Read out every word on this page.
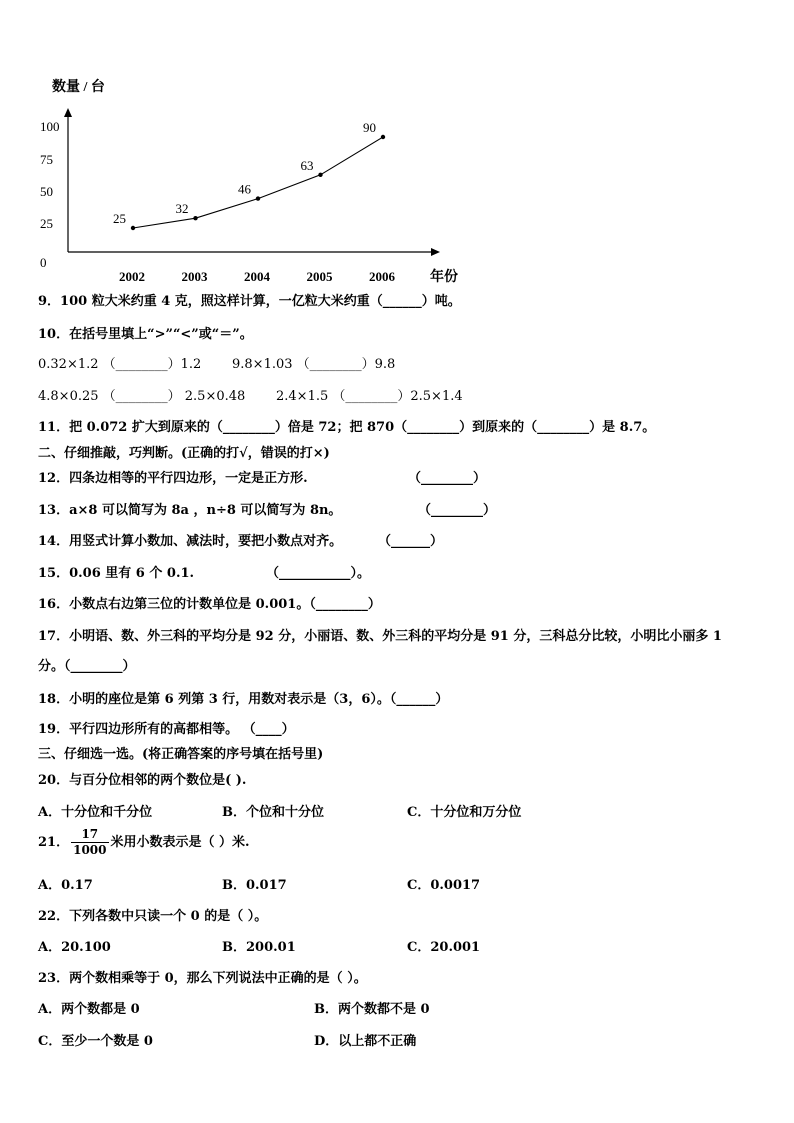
数量 / 台
年份
0
25
50
75
100
2002	2003	2004	2005	2006
25
32
46
63
90
9．100 粒大米约重 4 克，照这样计算，一亿粒大米约重（______）吨。
10．在括号里填上“>”“<”或“＝”。
0.32×1.2 （________）1.2 9.8×1.03 （________）9.8
4.8×0.25 （________） 2.5×0.48 2.4×1.5 （________）2.5×1.4
11．把 0.072 扩大到原来的（________）倍是 72；把 870（________）到原来的（________）是 8.7。
二、仔细推敲，巧判断。(正确的打√，错误的打×)
12．四条边相等的平行四边形，一定是正方形.	（________）
13．a×8 可以简写为 8a ，n÷8 可以简写为 8n。	（________）
14．用竖式计算小数加、减法时，要把小数点对齐。	（______）
15．0.06 里有 6 个 0.1.	（___________）。
16．小数点右边第三位的计数单位是 0.001。（________）
17．小明语、数、外三科的平均分是 92 分，小丽语、数、外三科的平均分是 91 分，三科总分比较，小明比小丽多 1
分。（________）
18．小明的座位是第 6 列第 3 行，用数对表示是（3，6）。（______）
19．平行四边形所有的高都相等。 （____）
三、仔细选一选。(将正确答案的序号填在括号里)
20．与百分位相邻的两个数位是( ).
A．十分位和千分位	B．个位和十分位	C．十分位和万分位
21． $\frac{17}{1000}$ 米用小数表示是（ ）米.
A．0.17	B．0.017	C．0.0017
22．下列各数中只读一个 0 的是（ ）。
A．20.100	B．200.01	C．20.001
23．两个数相乘等于 0，那么下列说法中正确的是（ ）。
A．两个数都是 0	B．两个数都不是 0
C．至少一个数是 0	D．以上都不正确
